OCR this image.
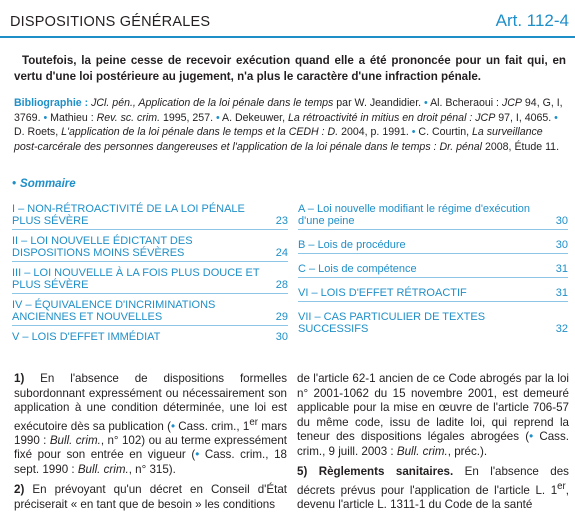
DISPOSITIONS GÉNÉRALES	Art. 112-4
Toutefois, la peine cesse de recevoir exécution quand elle a été prononcée pour un fait qui, en vertu d'une loi postérieure au jugement, n'a plus le caractère d'une infraction pénale.
Bibliographie : JCl. pén., Application de la loi pénale dans le temps par W. Jeandidier. • Al. Bcheraoui : JCP 94, G, I, 3769. • Mathieu : Rev. sc. crim. 1995, 257. • A. Dekeuwer, La rétroactivité in mitius en droit pénal : JCP 97, I, 4065. • D. Roets, L'application de la loi pénale dans le temps et la CEDH : D. 2004, p. 1991. • C. Courtin, La surveillance post-carcérale des personnes dangereuses et l'application de la loi pénale dans le temps : Dr. pénal 2008, Étude 11.
• Sommaire
I – NON-RÉTROACTIVITÉ DE LA LOI PÉNALE PLUS SÉVÈRE	23
II – LOI NOUVELLE ÉDICTANT DES DISPOSITIONS MOINS SÉVÈRES	24
III – LOI NOUVELLE À LA FOIS PLUS DOUCE ET PLUS SÉVÈRE	28
IV – ÉQUIVALENCE D'INCRIMINATIONS ANCIENNES ET NOUVELLES	29
V – LOIS D'EFFET IMMÉDIAT	30
A – Loi nouvelle modifiant le régime d'exécution d'une peine	30
B – Lois de procédure	30
C – Lois de compétence	31
VI – LOIS D'EFFET RÉTROACTIF	31
VII – CAS PARTICULIER DE TEXTES SUCCESSIFS	32

1) En l'absence de dispositions formelles subordonnant expressément ou nécessairement son application à une condition déterminée, une loi est exécutoire dès sa publication (• Cass. crim., 1er mars 1990 : Bull. crim., n° 102) ou au terme expressément fixé pour son entrée en vigueur (• Cass. crim., 18 sept. 1990 : Bull. crim., n° 315).

2) En prévoyant qu'un décret en Conseil d'État préciserait « en tant que de besoin » les conditions

de l'article 62-1 ancien de ce Code abrogés par la loi n° 2001-1062 du 15 novembre 2001, est demeuré applicable pour la mise en œuvre de l'article 706-57 du même code, issu de ladite loi, qui reprend la teneur des dispositions légales abrogées (• Cass. crim., 9 juill. 2003 : Bull. crim., préc.).

5) Règlements sanitaires. En l'absence des décrets prévus pour l'application de l'article L. 1er, devenu l'article L. 1311-1 du Code de la santé
